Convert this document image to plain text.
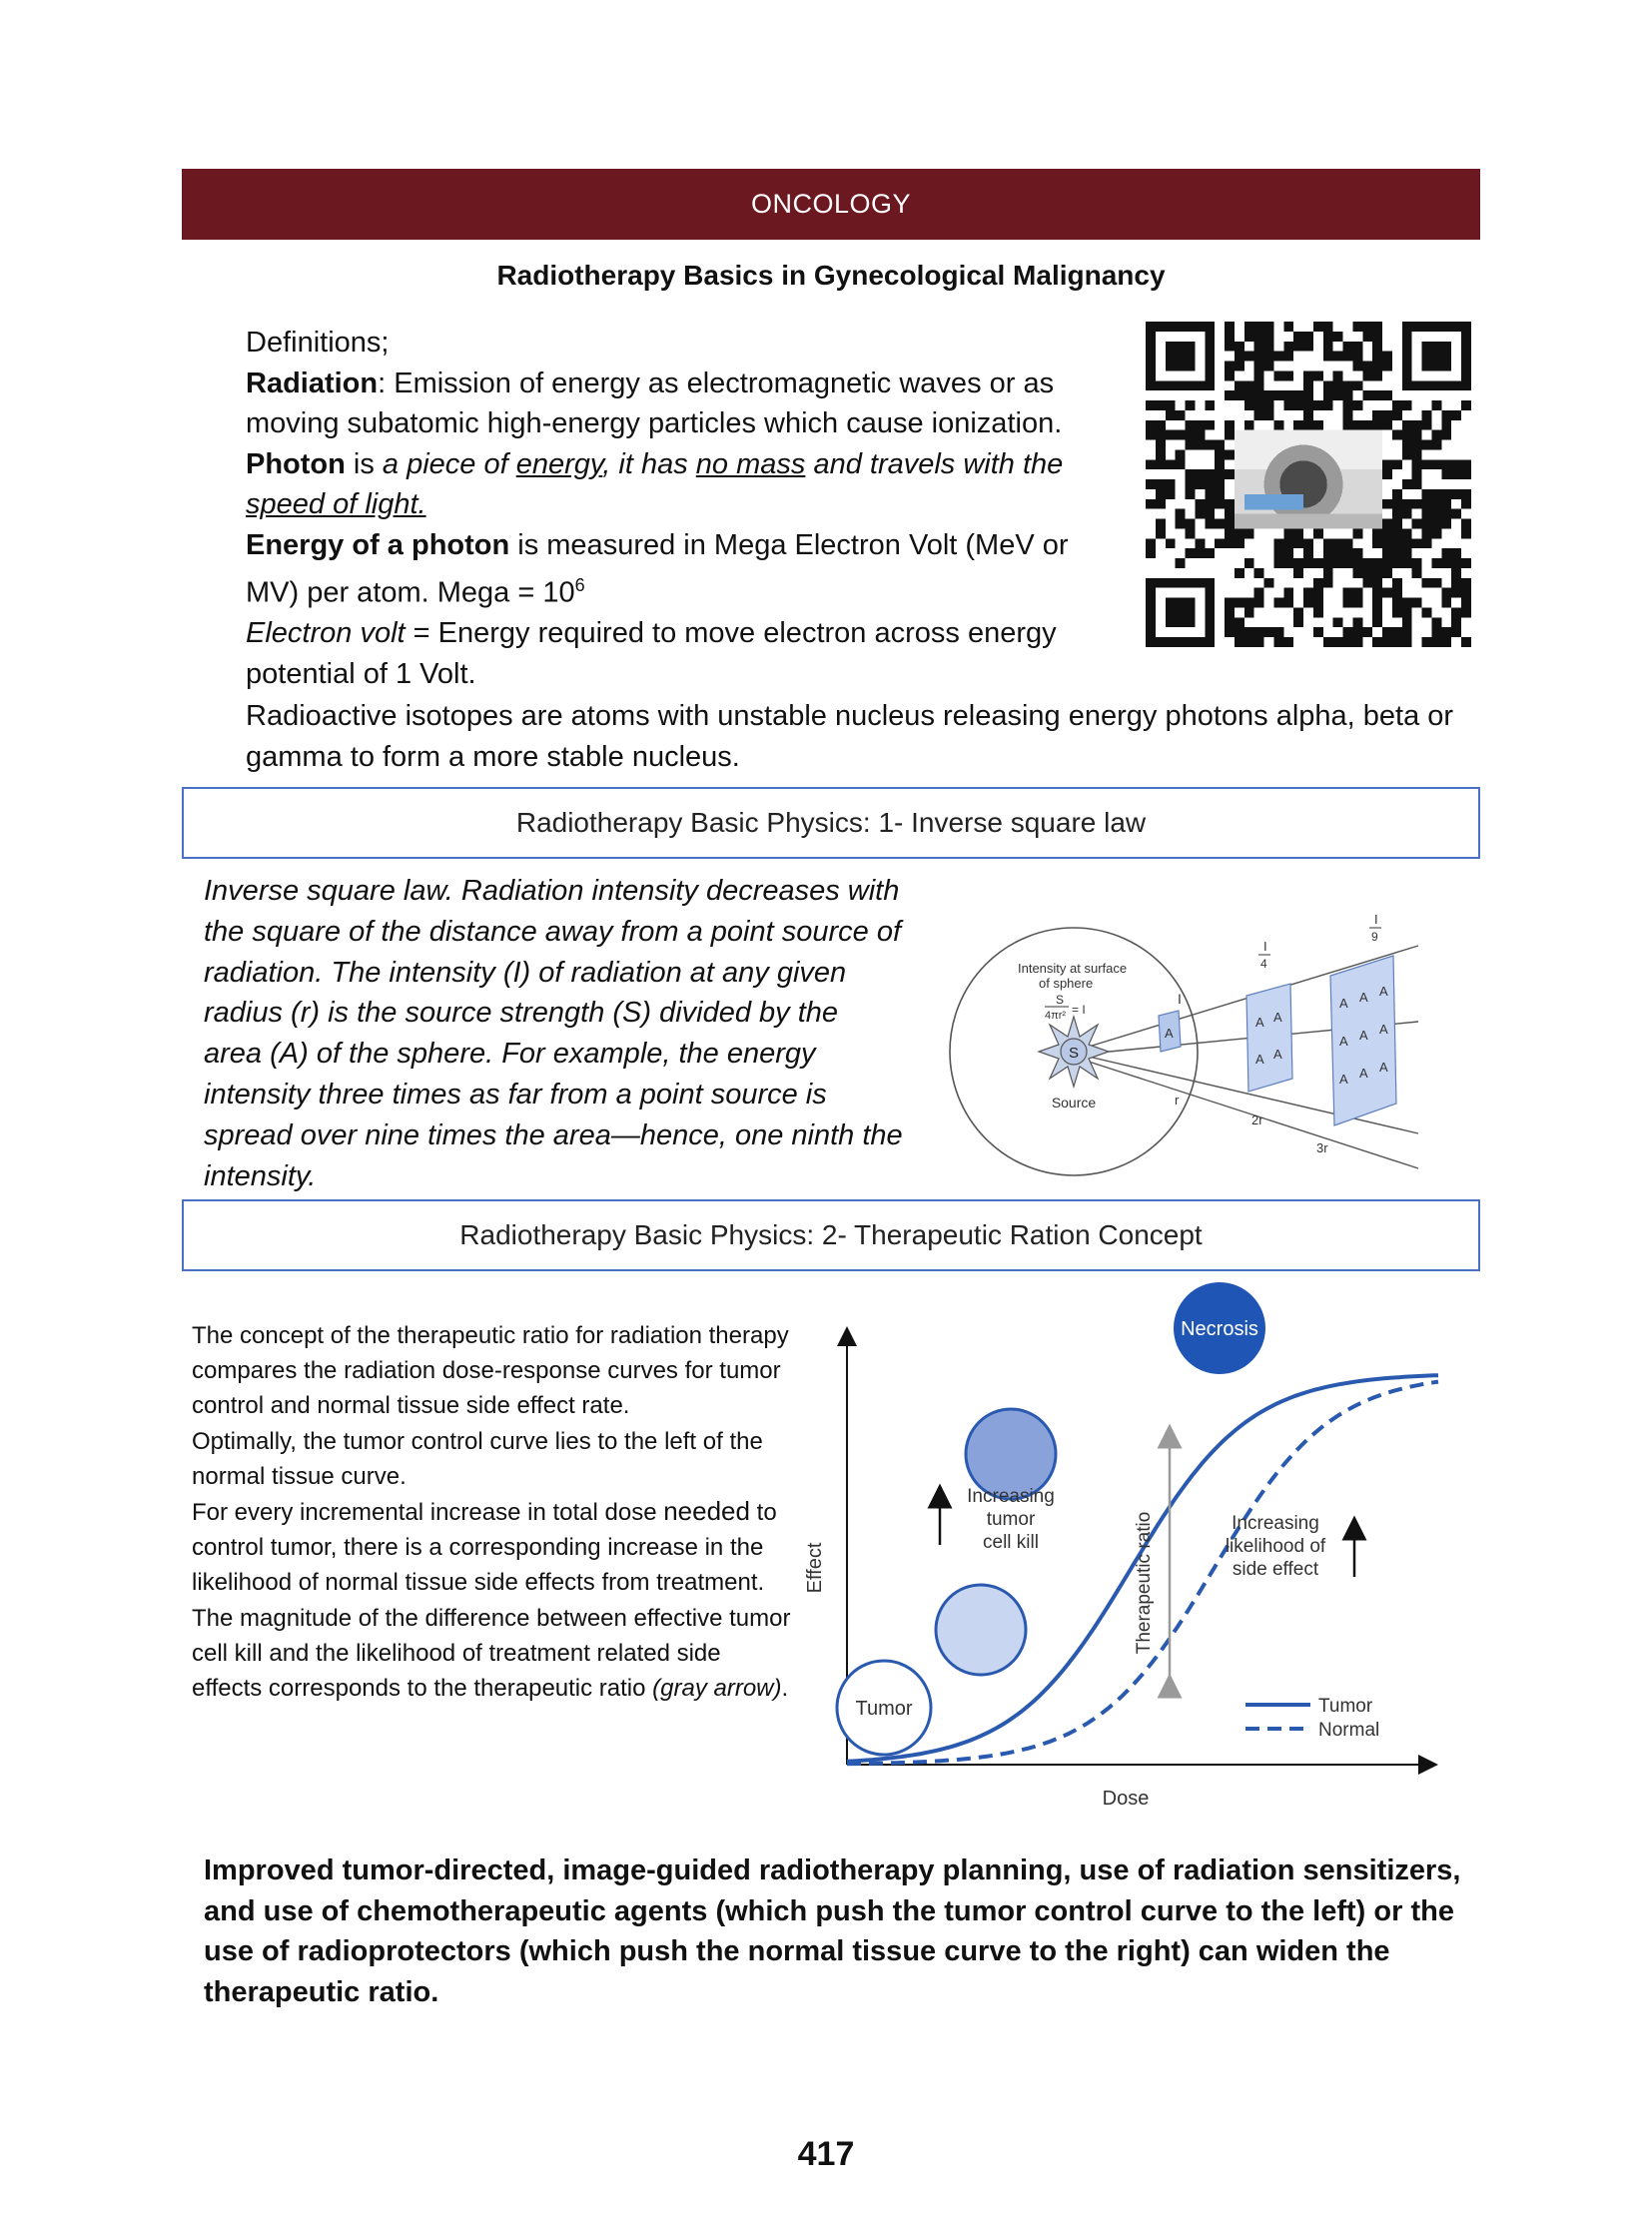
ONCOLOGY
Radiotherapy Basics in Gynecological Malignancy

Definitions;

Radiation: Emission of energy as electromagnetic waves or as moving subatomic high-energy particles which cause ionization.

Photon is a piece of energy, it has no mass and travels with the speed of light.

Energy of a photon is measured in Mega Electron Volt (MeV or MV) per atom. Mega = $10^6$

Electron volt = Energy required to move electron across energy potential of 1 Volt.

Radioactive isotopes are atoms with unstable nucleus releasing energy photons alpha, beta or gamma to form a more stable nucleus.
Radiotherapy Basic Physics: 1- Inverse square law
Inverse square law. Radiation intensity decreases with the square of the distance away from a point source of radiation. The intensity (I) of radiation at any given radius (r) is the source strength (S) divided by the area (A) of the sphere. For example, the energy intensity three times as far from a point source is spread over nine times the area—hence, one ninth the intensity.
S
Source
Intensity at surface
of sphere
S
4πr² = I
A
I
r
A A
A A
I
4
2r
A A A
A A A
A A A
I
9
3r
Radiotherapy Basic Physics: 2- Therapeutic Ration Concept

The concept of the therapeutic ratio for radiation therapy compares the radiation dose-response curves for tumor control and normal tissue side effect rate.

Optimally, the tumor control curve lies to the left of the normal tissue curve.

For every incremental increase in total dose needed to control tumor, there is a corresponding increase in the likelihood of normal tissue side effects from treatment. The magnitude of the difference between effective tumor cell kill and the likelihood of treatment related side effects corresponds to the therapeutic ratio (gray arrow).

Effect
Dose
Tumor
Necrosis
Increasing
tumor
cell kill	Therapeutic ratio	Increasing
likelihood of
side effect
Tumor
Normal
Improved tumor-directed, image-guided radiotherapy planning, use of radiation sensitizers, and use of chemotherapeutic agents (which push the tumor control curve to the left) or the use of radioprotectors (which push the normal tissue curve to the right) can widen the therapeutic ratio.
417
